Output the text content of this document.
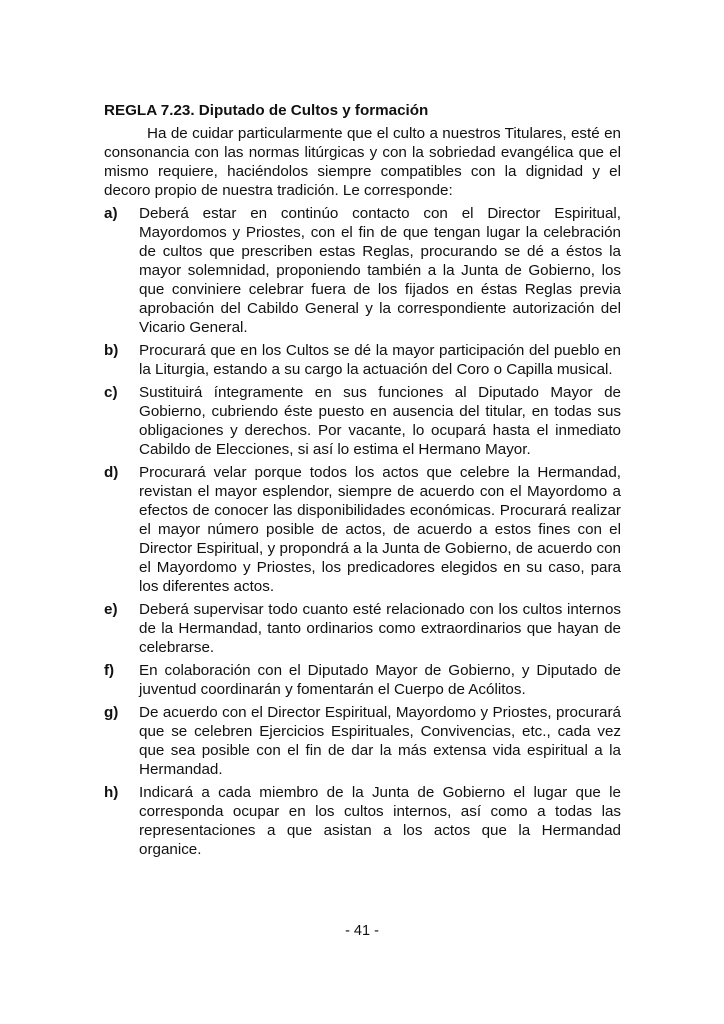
REGLA 7.23. Diputado de Cultos y formación
Ha de cuidar particularmente que el culto a nuestros Titulares, esté en consonancia con las normas litúrgicas y con la sobriedad evangélica que el mismo requiere, haciéndolos siempre compatibles con la dignidad y el decoro propio de nuestra tradición. Le corresponde:
a)	Deberá estar en continúo contacto con el Director Espiritual, Mayordomos y Priostes, con el fin de que tengan lugar la celebración de cultos que prescriben estas Reglas, procurando se dé a éstos la mayor solemnidad, proponiendo también a la Junta de Gobierno, los que conviniere celebrar fuera de los fijados en éstas Reglas previa aprobación del Cabildo General y la correspondiente autorización del Vicario General.
b)	Procurará que en los Cultos se dé la mayor participación del pueblo en la Liturgia, estando a su cargo la actuación del Coro o Capilla musical.
c)	Sustituirá íntegramente en sus funciones al Diputado Mayor de Gobierno, cubriendo éste puesto en ausencia del titular, en todas sus obligaciones y derechos. Por vacante, lo ocupará hasta el inmediato Cabildo de Elecciones, si así lo estima el Hermano Mayor.
d)	Procurará velar porque todos los actos que celebre la Hermandad, revistan el mayor esplendor, siempre de acuerdo con el Mayordomo a efectos de conocer las disponibilidades económicas. Procurará realizar el mayor número posible de actos, de acuerdo a estos fines con el Director Espiritual, y propondrá a la Junta de Gobierno, de acuerdo con el Mayordomo y Priostes, los predicadores elegidos en su caso, para los diferentes actos.
e)	Deberá supervisar todo cuanto esté relacionado con los cultos internos de la Hermandad, tanto ordinarios como extraordinarios que hayan de celebrarse.
f)	En colaboración con el Diputado Mayor de Gobierno, y Diputado de juventud coordinarán y fomentarán el Cuerpo de Acólitos.
g)	De acuerdo con el Director Espiritual, Mayordomo y Priostes, procurará que se celebren Ejercicios Espirituales, Convivencias, etc., cada vez que sea posible con el fin de dar la más extensa vida espiritual a la Hermandad.
h)	Indicará a cada miembro de la Junta de Gobierno el lugar que le corresponda ocupar en los cultos internos, así como a todas las representaciones a que asistan a los actos que la Hermandad organice.
- 41 -
